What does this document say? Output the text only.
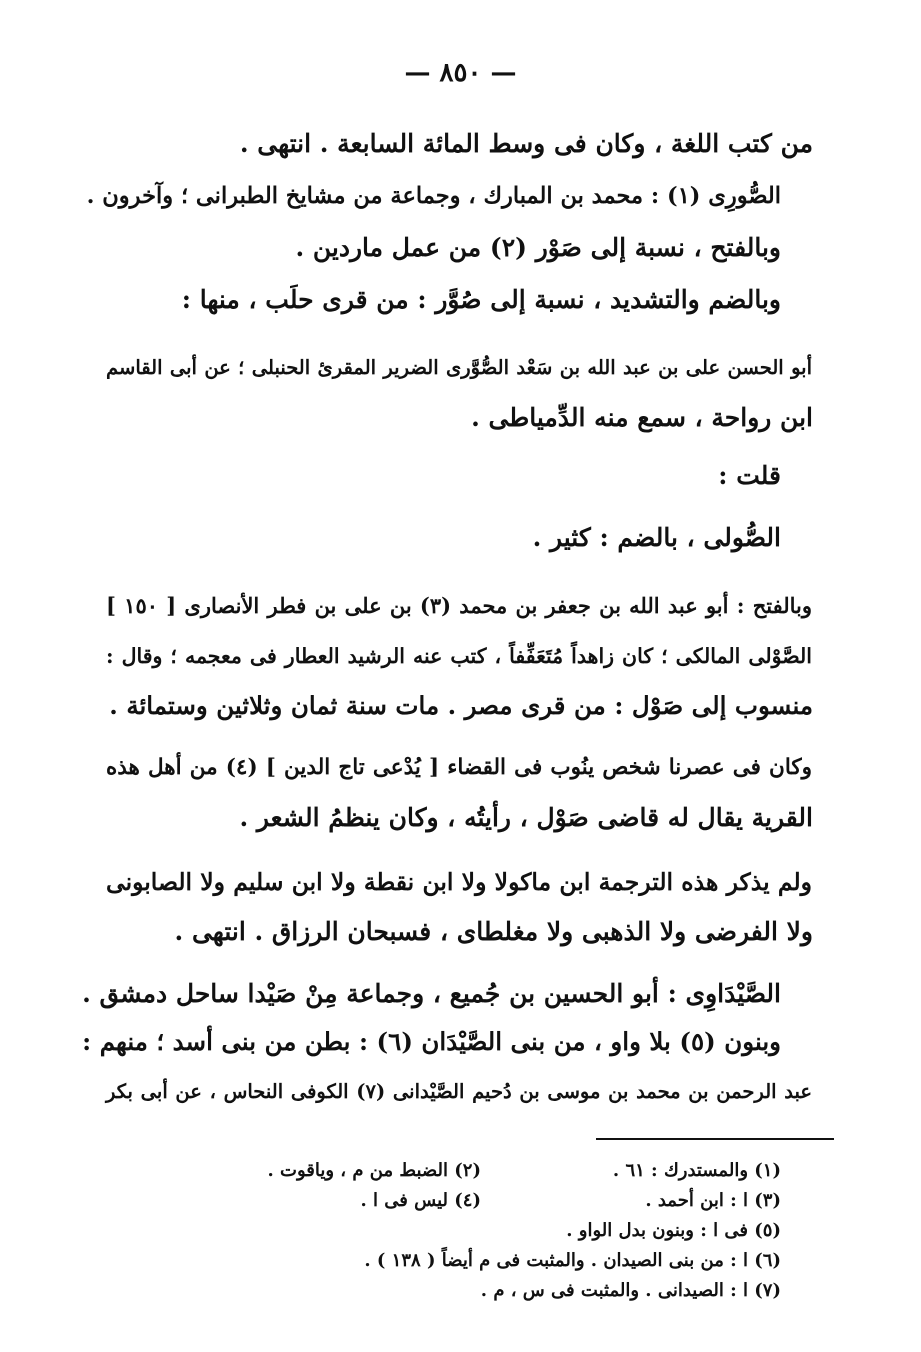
— ٨٥٠ —
من كتب اللغة ، وكان فى وسط المائة السابعة . انتهى .
الصُّورِى (١) : محمد بن المبارك ، وجماعة من مشايخ الطبرانى ؛ وآخرون .
وبالفتح ، نسبة إلى صَوْر (٢) من عمل ماردين .
وبالضم والتشديد ، نسبة إلى صُوَّر : من قرى حلَب ، منها :
أبو الحسن على بن عبد الله بن سَعْد الصُّوَّرى الضرير المقرئ الحنبلى ؛ عن أبى القاسم
ابن رواحة ، سمع منه الدِّمياطى .
قلت :
الصُّولى ، بالضم : كثير .
وبالفتح : أبو عبد الله بن جعفر بن محمد (٣) بن على بن فطر الأنصارى [ ١٥٠ ]
الصَّوْلى المالكى ؛ كان زاهداً مُتَعَفِّفاً ، كتب عنه الرشيد العطار فى معجمه ؛ وقال :
منسوب إلى صَوْل : من قرى مصر . مات سنة ثمان وثلاثين وستمائة .
وكان فى عصرنا شخص ينُوب فى القضاء [ يُدْعى تاج الدين ] (٤) من أهل هذه
القرية يقال له قاضى صَوْل ، رأيتُه ، وكان ينظمُ الشعر .
ولم يذكر هذه الترجمة ابن ماكولا ولا ابن نقطة ولا ابن سليم ولا الصابونى
ولا الفرضى ولا الذهبى ولا مغلطاى ، فسبحان الرزاق . انتهى .
الصَّيْدَاوِى : أبو الحسين بن جُميع ، وجماعة مِنْ صَيْدا ساحل دمشق .
وبنون (٥) بلا واو ، من بنى الصَّيْدَان (٦) : بطن من بنى أسد ؛ منهم :
عبد الرحمن بن محمد بن موسى بن دُحيم الصَّيْدانى (٧) الكوفى النحاس ، عن أبى بكر
(١) والمستدرك : ٦١ .
(٢) الضبط من م ، وياقوت .
(٣) ا : ابن أحمد .
(٤) ليس فى ا .
(٥) فى ا : وبنون بدل الواو .
(٦) ا : من بنى الصيدان . والمثبت فى م أيضاً ( ١٣٨ ) .
(٧) ا : الصيدانى . والمثبت فى س ، م .
